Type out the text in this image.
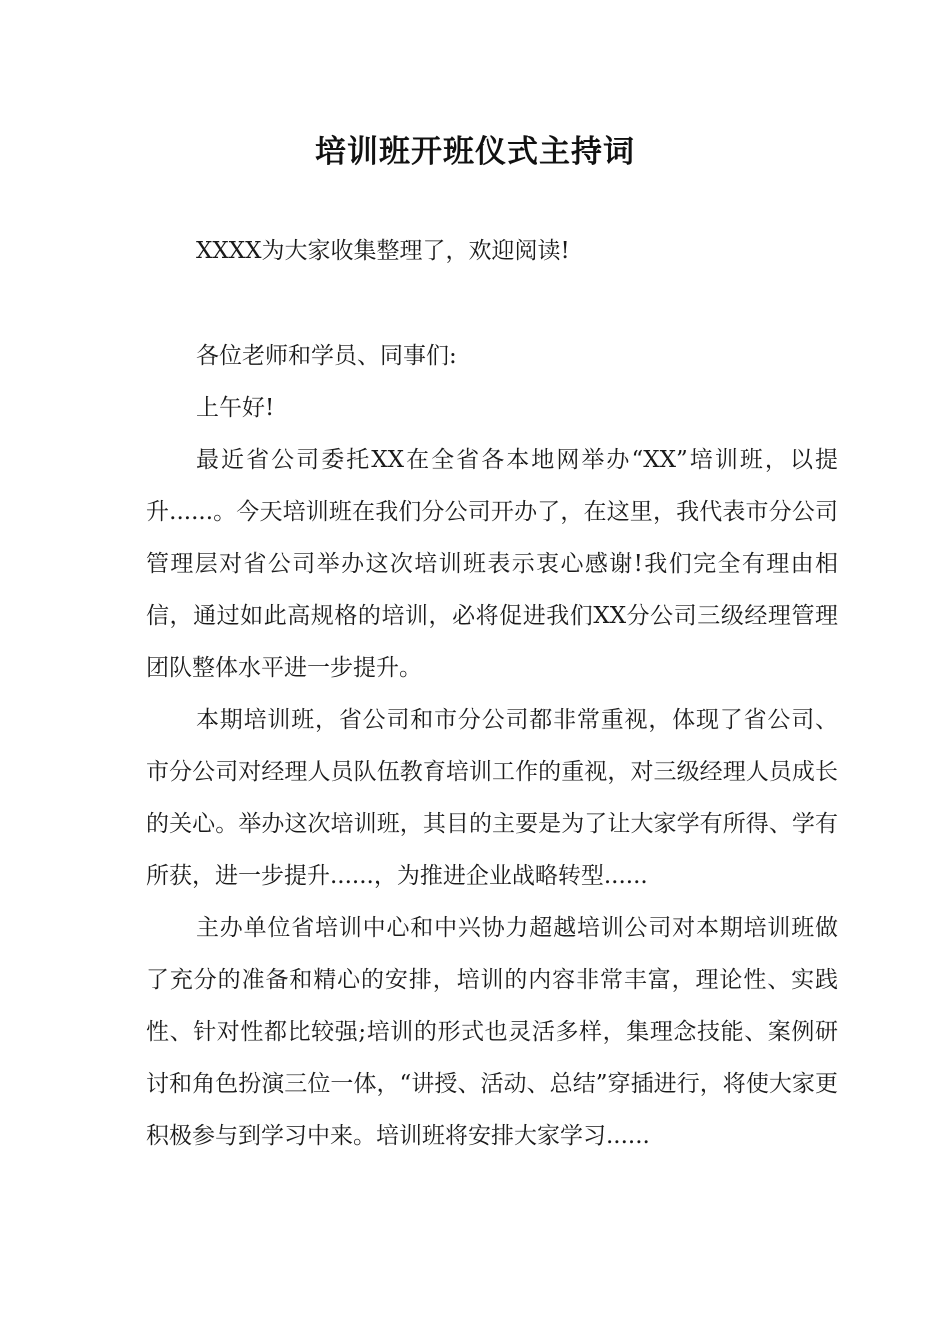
培训班开班仪式主持词

XXXX为大家收集整理了，欢迎阅读!

各位老师和学员、同事们:

上午好!

最近省公司委托XX在全省各本地网举办“XX”培训班，以提升......。今天培训班在我们分公司开办了，在这里，我代表市分公司管理层对省公司举办这次培训班表示衷心感谢!我们完全有理由相信，通过如此高规格的培训，必将促进我们XX分公司三级经理管理团队整体水平进一步提升。

本期培训班，省公司和市分公司都非常重视，体现了省公司、市分公司对经理人员队伍教育培训工作的重视，对三级经理人员成长的关心。举办这次培训班，其目的主要是为了让大家学有所得、学有所获，进一步提升......，为推进企业战略转型......

主办单位省培训中心和中兴协力超越培训公司对本期培训班做了充分的准备和精心的安排，培训的内容非常丰富，理论性、实践性、针对性都比较强;培训的形式也灵活多样，集理念技能、案例研讨和角色扮演三位一体，“讲授、活动、总结”穿插进行，将使大家更积极参与到学习中来。培训班将安排大家学习......
